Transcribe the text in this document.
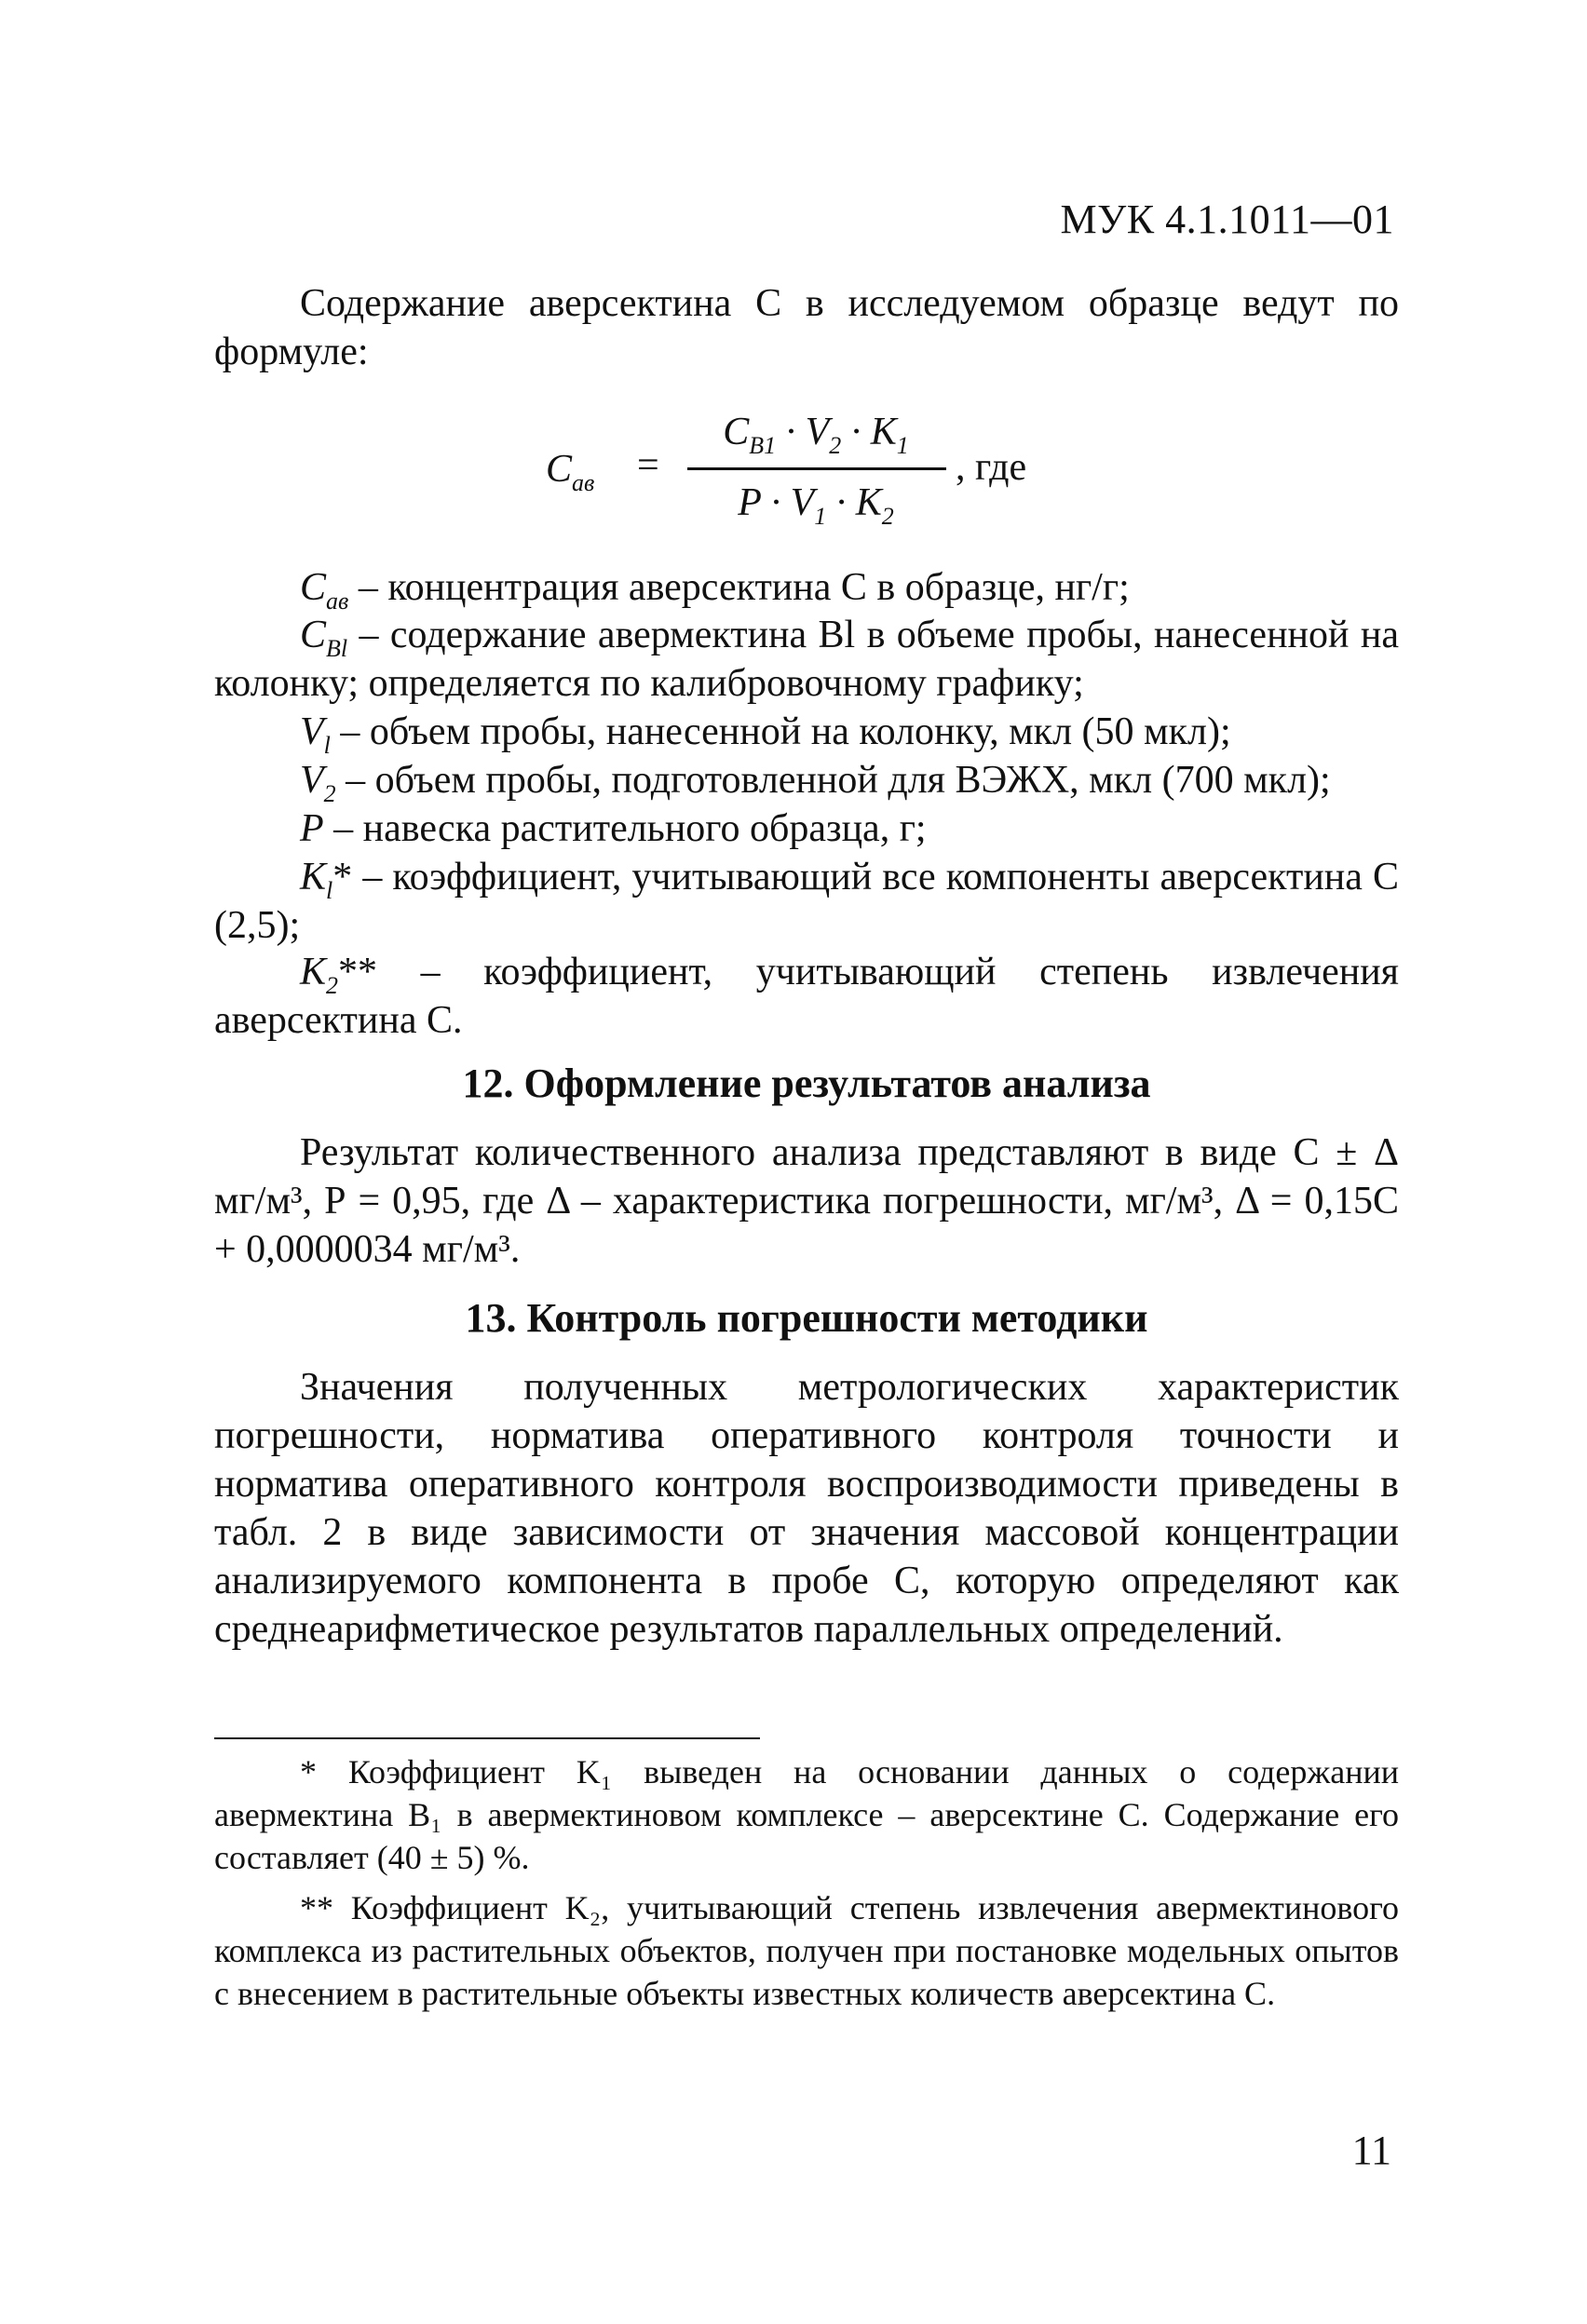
МУК 4.1.1011—01
Содержание аверсектина С в исследуемом образце ведут по формуле:
$C_{ав}$ =
$C_{B1} \cdot V_2 \cdot K_1$
$P \cdot V_1 \cdot K_2$
, где
$C_{ав}$ – концентрация аверсектина С в образце, нг/г;
$C_{Bl}$ – содержание авермектина Bl в объеме пробы, нанесенной на колонку; определяется по калибровочному графику;
$V_l$ – объем пробы, нанесенной на колонку, мкл (50 мкл);
$V_2$ – объем пробы, подготовленной для ВЭЖХ, мкл (700 мкл);
P – навеска растительного образца, г;
$K_l*$ – коэффициент, учитывающий все компоненты аверсектина С (2,5);
$K_2**$ – коэффициент, учитывающий степень извлечения аверсектина С.
12. Оформление результатов анализа
Результат количественного анализа представляют в виде С ± Δ мг/м³, Р = 0,95, где Δ – характеристика погрешности, мг/м³, Δ = 0,15С + 0,0000034 мг/м³.
13. Контроль погрешности методики
Значения полученных метрологических характеристик погрешности, норматива оперативного контроля точности и норматива оперативного контроля воспроизводимости приведены в табл. 2 в виде зависимости от значения массовой концентрации анализируемого компонента в пробе С, которую определяют как среднеарифметическое результатов параллельных определений.
* Коэффициент K₁ выведен на основании данных о содержании авермектина B₁ в авермектиновом комплексе – аверсектине С. Содержание его составляет (40 ± 5) %.
** Коэффициент K₂, учитывающий степень извлечения авермектинового комплекса из растительных объектов, получен при постановке модельных опытов с внесением в растительные объекты известных количеств аверсектина С.
11
